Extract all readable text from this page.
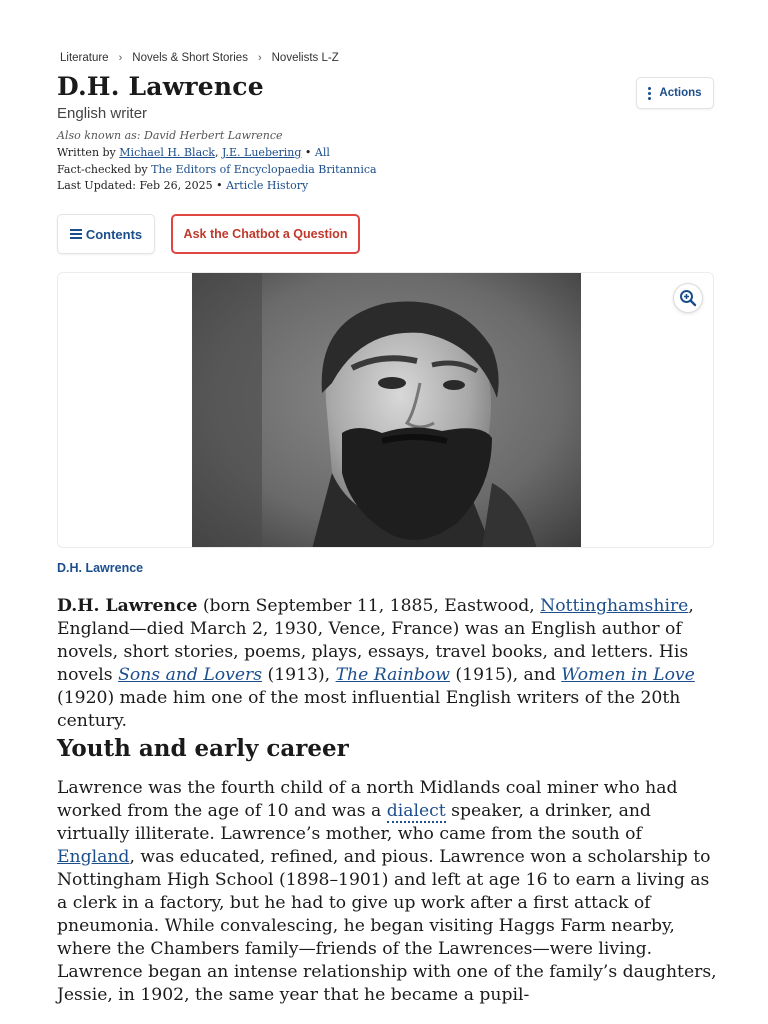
Literature › Novels & Short Stories › Novelists L-Z
D.H. Lawrence
English writer
Actions
Also known as: David Herbert Lawrence
Written by Michael H. Black, J.E. Luebering • All
Fact-checked by The Editors of Encyclopaedia Britannica
Last Updated: Feb 26, 2025 • Article History
Contents	Ask the Chatbot a Question
D.H. Lawrence

D.H. Lawrence (born September 11, 1885, Eastwood, Nottinghamshire, England—died March 2, 1930, Vence, France) was an English author of novels, short stories, poems, plays, essays, travel books, and letters. His novels Sons and Lovers (1913), The Rainbow (1915), and Women in Love (1920) made him one of the most influential English writers of the 20th century.

Youth and early career

Lawrence was the fourth child of a north Midlands coal miner who had worked from the age of 10 and was a dialect speaker, a drinker, and virtually illiterate. Lawrence’s mother, who came from the south of England, was educated, refined, and pious. Lawrence won a scholarship to Nottingham High School (1898–1901) and left at age 16 to earn a living as a clerk in a factory, but he had to give up work after a first attack of pneumonia. While convalescing, he began visiting Haggs Farm nearby, where the Chambers family—friends of the Lawrences—were living. Lawrence began an intense relationship with one of the family’s daughters, Jessie, in 1902, the same year that he became a pupil-
